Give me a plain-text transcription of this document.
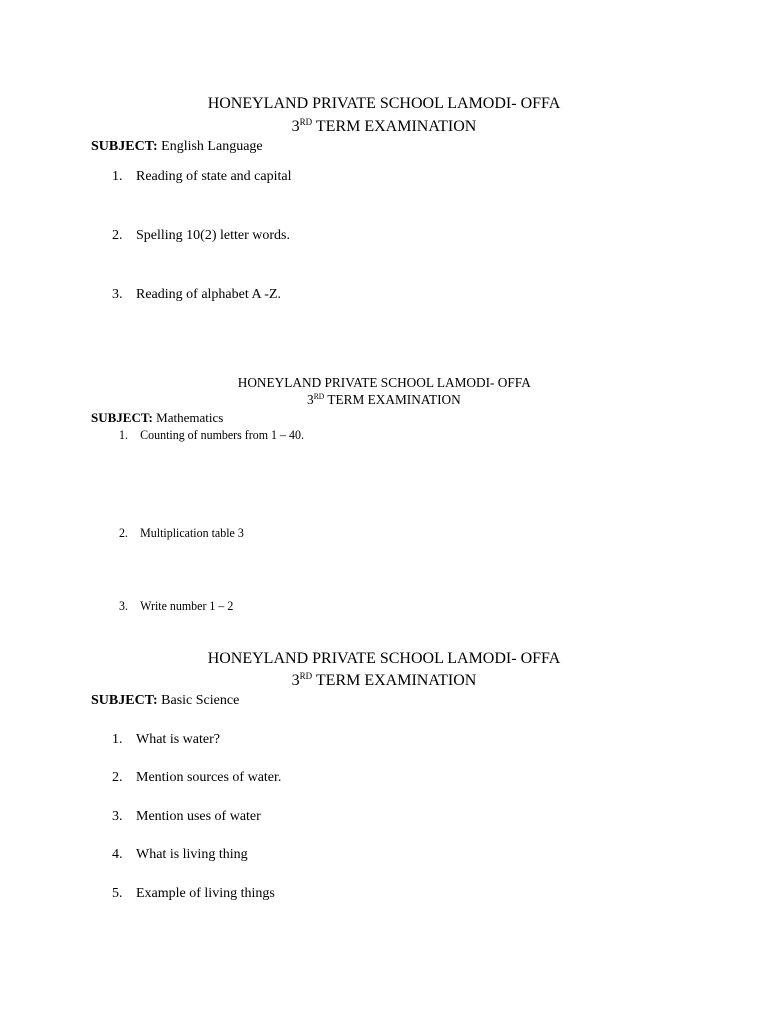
HONEYLAND PRIVATE SCHOOL LAMODI- OFFA
3RD TERM EXAMINATION
SUBJECT: English Language
1. Reading of state and capital
2. Spelling 10(2) letter words.
3. Reading of alphabet A -Z.
HONEYLAND PRIVATE SCHOOL LAMODI- OFFA
3RD TERM EXAMINATION
SUBJECT: Mathematics
1. Counting of numbers from 1 – 40.
2. Multiplication table 3
3. Write number 1 – 2
HONEYLAND PRIVATE SCHOOL LAMODI- OFFA
3RD TERM EXAMINATION
SUBJECT: Basic Science
1. What is water?
2. Mention sources of water.
3. Mention uses of water
4. What is living thing
5. Example of living things
